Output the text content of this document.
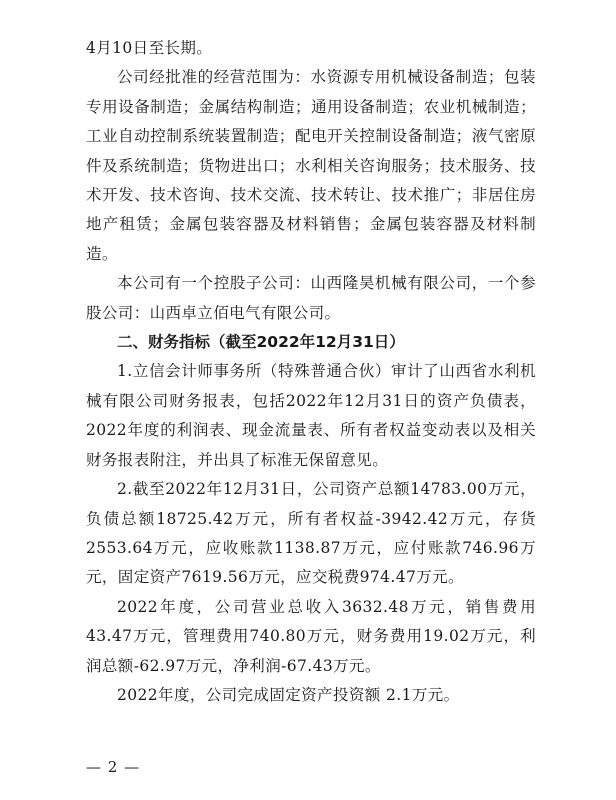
4月10日至长期。

公司经批准的经营范围为：水资源专用机械设备制造；包装专用设备制造；金属结构制造；通用设备制造；农业机械制造；工业自动控制系统装置制造；配电开关控制设备制造；液气密原件及系统制造；货物进出口；水利相关咨询服务；技术服务、技术开发、技术咨询、技术交流、技术转让、技术推广；非居住房地产租赁；金属包装容器及材料销售；金属包装容器及材料制造。

本公司有一个控股子公司：山西隆昊机械有限公司，一个参股公司：山西卓立佰电气有限公司。

二、财务指标（截至2022年12月31日）

1.立信会计师事务所（特殊普通合伙）审计了山西省水利机械有限公司财务报表，包括2022年12月31日的资产负债表，2022年度的利润表、现金流量表、所有者权益变动表以及相关财务报表附注，并出具了标准无保留意见。

2.截至2022年12月31日，公司资产总额14783.00万元，负债总额18725.42万元，所有者权益-3942.42万元，存货2553.64万元，应收账款1138.87万元，应付账款746.96万元，固定资产7619.56万元，应交税费974.47万元。

2022年度，公司营业总收入3632.48万元，销售费用43.47万元，管理费用740.80万元，财务费用19.02万元，利润总额-62.97万元，净利润-67.43万元。

2022年度，公司完成固定资产投资额 2.1万元。

— 2 —
